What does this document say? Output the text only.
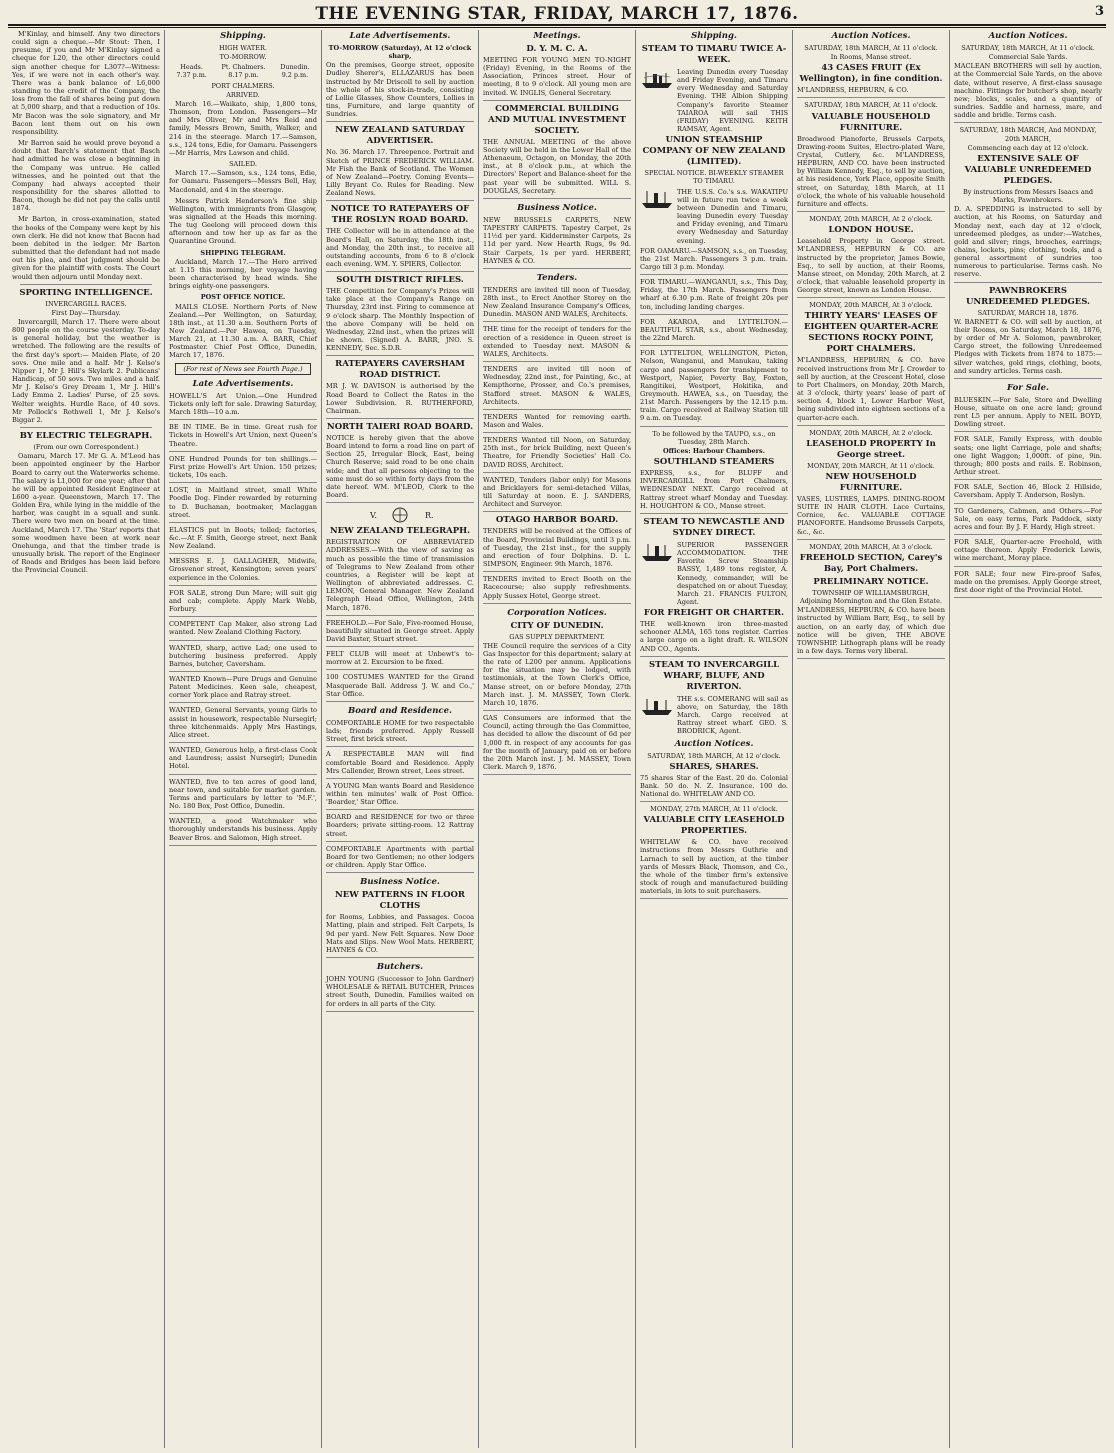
THE EVENING STAR, FRIDAY, MARCH 17, 1876.	3

M'Kinlay, and himself. Any two directors could sign a cheque.—Mr Stout: Then, I presume, if you and Mr M'Kinlay signed a cheque for L20, the other directors could sign another cheque for L307?—Witness: Yes, if we were not in each other's way. There was a bank balance of L6,000 standing to the credit of the Company, the loss from the fall of shares being put down at 5,000 sharp, and that a reduction of 10s. Mr Bacon was the sole signatory, and Mr Bacon lent them out on his own responsibility.

Mr Barron said he would prove beyond a doubt that Barch's statement that Basch had admitted he was close a beginning in the Company was untrue. He called witnesses, and he pointed out that the Company had always accepted their responsibility for the shares allotted to Bacon, though he did not pay the calls until 1874.

Mr Barton, in cross-examination, stated the books of the Company were kept by his own clerk. He did not know that Bacon had been debited in the ledger. Mr Barton submitted that the defendant had not made out his plea, and that judgment should be given for the plaintiff with costs. The Court would then adjourn until Monday next.

SPORTING INTELLIGENCE.
INVERCARGILL RACES.
First Day—Thursday.

Invercargill, March 17. There were about 800 people on the course yesterday. To-day is general holiday, but the weather is wretched. The following are the results of the first day's sport:— Maiden Plate, of 20 sovs. One mile and a half. Mr J. Kelso's Nipper 1, Mr J. Hill's Skylark 2. Publicans' Handicap, of 50 sovs. Two miles and a half. Mr J. Kelso's Grey Dream 1, Mr J. Hill's Lady Emma 2. Ladies' Purse, of 25 sovs. Welter weights. Hurdle Race, of 40 sovs. Mr Pollock's Rothwell 1, Mr J. Kelso's Biggar 2.

BY ELECTRIC TELEGRAPH.
(From our own Correspondent.)

Oamaru, March 17. Mr G. A. M'Leod has been appointed engineer by the Harbor Board to carry out the Waterworks scheme. The salary is L1,000 for one year; after that he will be appointed Resident Engineer at L600 a-year. Queenstown, March 17. The Golden Era, while lying in the middle of the harbor, was caught in a squall and sunk. There were two men on board at the time. Auckland, March 17. The 'Star' reports that some woodmen have been at work near Onehunga, and that the timber trade is unusually brisk. The report of the Engineer of Roads and Bridges has been laid before the Provincial Council.

Shipping.
HIGH WATER.
TO-MORROW.
Heads.
7.37 p.m.
Pt. Chalmers.
8.17 p.m.
Dunedin.
9.2 p.m.
PORT CHALMERS.
ARRIVED.

March 16.—Waikato, ship, 1,800 tons, Thomson, from London. Passengers—Mr and Mrs Oliver, Mr and Mrs Reid and family, Messrs Brown, Smith, Walker, and 214 in the steerage. March 17.—Samson, s.s., 124 tons, Edie, for Oamaru. Passengers—Mr Harris, Mrs Lawson and child.

SAILED.

March 17.—Samson, s.s., 124 tons, Edie, for Oamaru. Passengers—Messrs Bell, Hay, Macdonald, and 4 in the steerage.

Messrs Patrick Henderson's fine ship Wellington, with immigrants from Glasgow, was signalled at the Heads this morning. The tug Geelong will proceed down this afternoon and tow her up as far as the Quarantine Ground.

SHIPPING TELEGRAM.

Auckland, March 17.—The Hero arrived at 1.15 this morning, her voyage having been characterised by head winds. She brings eighty-one passengers.

POST OFFICE NOTICE.

MAILS CLOSE. Northern Ports of New Zealand.—Per Wellington, on Saturday, 18th inst., at 11.30 a.m. Southern Ports of New Zealand.—Per Hawea, on Tuesday, March 21, at 11.30 a.m. A. BARR, Chief Postmaster. Chief Post Office, Dunedin, March 17, 1876.

(For rest of News see Fourth Page.)
Late Advertisements.
HOWELL'S Art Union.—One Hundred Tickets only left for sale. Drawing Saturday, March 18th—10 a.m.
BE IN TIME. Be in time. Great rush for Tickets in Howell's Art Union, next Queen's Theatre.
ONE Hundred Pounds for ten shillings.—First prize Howell's Art Union. 150 prizes; tickets, 10s each.
LOST, in Maitland street, small White Poodle Dog. Finder rewarded by returning to D. Buchanan, bootmaker, Maclaggan street.
ELASTICS put in Boots; tolled; factories, &c.—At F. Smith, George street, next Bank New Zealand.
MESSRS E. J. GALLAGHER, Midwife, Grosvenor street, Kensington; seven years' experience in the Colonies.
FOR SALE, strong Dun Mare; will suit gig and cab; complete. Apply Mark Webb, Forbury.
COMPETENT Cap Maker, also strong Lad wanted. New Zealand Clothing Factory.
WANTED, sharp, active Lad; one used to butchering business preferred. Apply Barnes, butcher, Caversham.
WANTED Known—Pure Drugs and Genuine Patent Medicines. Keen sale, cheapest, corner York place and Ratray street.
WANTED, General Servants, young Girls to assist in housework, respectable Nursegirl; three kitchenmaids. Apply Mrs Hastings, Alice street.
WANTED, Generous help, a first-class Cook and Laundress; assist Nursegirl; Dunedin Hotel.
WANTED, five to ten acres of good land, near town, and suitable for market garden. Terms and particulars by letter to 'M.F.', No. 180 Box, Post Office, Dunedin.
WANTED, a good Watchmaker who thoroughly understands his business. Apply Beaver Bros. and Salomon, High street.
Late Advertisements.
TO-MORROW (Saturday), At 12 o'clock sharp,
On the premises, George street, opposite Dudley Sherer's, ELLAZARUS has been instructed by Mr Driscoll to sell by auction the whole of his stock-in-trade, consisting of Lollie Glasses, Show Counters, Lollies in tins, Furniture, and large quantity of Sundries.
NEW ZEALAND SATURDAY ADVERTISER.
No. 36. March 17. Threepence. Portrait and Sketch of PRINCE FREDERICK WILLIAM. Mr Fish the Bank of Scotland. The Women of New Zealand—Poetry. Coming Events—Lilly Bryant Co. Rules for Reading. New Zealand News.
NOTICE TO RATEPAYERS OF THE ROSLYN ROAD BOARD.
THE Collector will be in attendance at the Board's Hall, on Saturday, the 18th inst., and Monday, the 20th inst., to receive all outstanding accounts, from 6 to 8 o'clock each evening. WM. Y. SPIERS, Collector.
SOUTH DISTRICT RIFLES.
THE Competition for Company's Prizes will take place at the Company's Range on Thursday, 23rd inst. Firing to commence at 9 o'clock sharp. The Monthly Inspection of the above Company will be held on Wednesday, 22nd inst., when the prizes will be shown. (Signed) A. BARR, JNO. S. KENNEDY, Sec. S.D.R.
RATEPAYERS CAVERSHAM ROAD DISTRICT.
MR J. W. DAVISON is authorised by the Road Board to Collect the Rates in the Lower Subdivision. R. RUTHERFORD, Chairman.
NORTH TAIERI ROAD BOARD.
NOTICE is hereby given that the above Board intend to form a road line on part of Section 25, Irregular Block, East, being Church Reserve; said road to be one chain wide; and that all persons objecting to the same must do so within forty days from the date hereof. WM. M'LEOD, Clerk to the Board.
V.	R.
NEW ZEALAND TELEGRAPH.
REGISTRATION OF ABBREVIATED ADDRESSES.—With the view of saving as much as possible the time of transmission of Telegrams to New Zealand from other countries, a Register will be kept at Wellington of abbreviated addresses. C. LEMON, General Manager. New Zealand Telegraph Head Office, Wellington, 24th March, 1876.
FREEHOLD.—For Sale, Five-roomed House, beautifully situated in George street. Apply David Baxter, Stuart street.
FELT CLUB will meet at Unbewt's to-morrow at 2. Excursion to be fixed.
100 COSTUMES WANTED for the Grand Masquerade Ball. Address 'J. W. and Co.,' Star Office.
Board and Residence.
COMFORTABLE HOME for two respectable lads; friends preferred. Apply Russell Street, first brick street.
A RESPECTABLE MAN will find comfortable Board and Residence. Apply Mrs Callender, Brown street, Lees street.
A YOUNG Man wants Board and Residence within ten minutes' walk of Post Office. 'Boarder,' Star Office.
BOARD and RESIDENCE for two or three Boarders; private sitting-room. 12 Rattray street.
COMFORTABLE Apartments with partial Board for two Gentlemen; no other lodgers or children. Apply Star Office.
Business Notice.
NEW PATTERNS IN FLOOR CLOTHS
for Rooms, Lobbies, and Passages. Cocoa Matting, plain and striped. Felt Carpets, Is 9d per yard. New Felt Squares. New Door Mats and Slips. New Wool Mats. HERBERT, HAYNES & CO.
Butchers.
JOHN YOUNG (Successor to John Gardner) WHOLESALE & RETAIL BUTCHER, Princes street South, Dunedin. Families waited on for orders in all parts of the City.
Meetings.
D. Y. M. C. A.
MEETING FOR YOUNG MEN TO-NIGHT (Friday) Evening, in the Rooms of the Association, Princes street. Hour of meeting, 8 to 9 o'clock. All young men are invited. W. INGLIS, General Secretary.
COMMERCIAL BUILDING AND MUTUAL INVESTMENT SOCIETY.
THE ANNUAL MEETING of the above Society will be held in the Lower Hall of the Athenaeum, Octagon, on Monday, the 20th inst., at 8 o'clock p.m., at which the Directors' Report and Balance-sheet for the past year will be submitted. WILL S. DOUGLAS, Secretary.
Business Notice.
NEW BRUSSELS CARPETS, NEW TAPESTRY CARPETS. Tapestry Carpet, 2s 11½d per yard. Kidderminster Carpets, 2s 11d per yard. New Hearth Rugs, 9s 9d. Stair Carpets, 1s per yard. HERBERT, HAYNES & CO.
Tenders.
TENDERS are invited till noon of Tuesday, 28th inst., to Erect Another Storey on the New Zealand Insurance Company's Offices, Dunedin. MASON AND WALES, Architects.
THE time for the receipt of tenders for the erection of a residence in Queen street is extended to Tuesday next. MASON & WALES, Architects.
TENDERS are invited till noon of Wednesday, 22nd inst., for Painting, &c., at Kempthorne, Prosser, and Co.'s premises, Stafford street. MASON & WALES, Architects.
TENDERS Wanted for removing earth. Mason and Wales.
TENDERS Wanted till Noon, on Saturday, 25th inst., for brick Building, next Queen's Theatre, for Friendly Societies' Hall Co. DAVID ROSS, Architect.
WANTED, Tenders (labor only) for Masons and Bricklayers for semi-detached Villas, till Saturday at noon. E. J. SANDERS, Architect and Surveyor.
OTAGO HARBOR BOARD.
TENDERS will be received at the Offices of the Board, Provincial Buildings, until 3 p.m. of Tuesday, the 21st inst., for the supply and erection of four Dolphins. D. L. SIMPSON, Engineer. 9th March, 1876.
TENDERS invited to Erect Booth on the Racecourse; also supply refreshments. Apply Sussex Hotel, George street.
Corporation Notices.
CITY OF DUNEDIN.
GAS SUPPLY DEPARTMENT.
THE Council require the services of a City Gas Inspector for this department; salary at the rate of L200 per annum. Applications for the situation may be lodged, with testimonials, at the Town Clerk's Office, Manse street, on or before Monday, 27th March inst. J. M. MASSEY, Town Clerk. March 10, 1876.
GAS Consumers are informed that the Council, acting through the Gas Committee, has decided to allow the discount of 6d per 1,000 ft. in respect of any accounts for gas for the month of January, paid on or before the 20th March inst. J. M. MASSEY, Town Clerk. March 9, 1876.
Shipping.
STEAM TO TIMARU TWICE A-WEEK.
Leaving Dunedin every Tuesday and Friday Evening, and Timaru every Wednesday and Saturday Evening. THE Albion Shipping Company's favorite Steamer TAIAROA will sail THIS (FRIDAY) EVENING. KEITH RAMSAY, Agent.
UNION STEAMSHIP COMPANY OF NEW ZEALAND (LIMITED).
SPECIAL NOTICE. BI-WEEKLY STEAMER TO TIMARU.
THE U.S.S. Co.'s s.s. WAKATIPU will in future run twice a week between Dunedin and Timaru, leaving Dunedin every Tuesday and Friday evening, and Timaru every Wednesday and Saturday evening.
FOR OAMARU.—SAMSON, s.s., on Tuesday, the 21st March. Passengers 3 p.m. train. Cargo till 3 p.m. Monday.
FOR TIMARU.—WANGANUI, s.s., This Day, Friday, the 17th March. Passengers from wharf at 6.30 p.m. Rate of freight 20s per ton, including landing charges.
FOR AKAROA, and LYTTELTON.—BEAUTIFUL STAR, s.s., about Wednesday, the 22nd March.
FOR LYTTELTON, WELLINGTON, Picton, Nelson, Wanganui, and Manukau, taking cargo and passengers for transhipment to Westport, Napier, Poverty Bay, Foxton, Rangitikei, Westport, Hokitika, and Greymouth. HAWEA, s.s., on Tuesday, the 21st March. Passengers by the 12.15 p.m. train. Cargo received at Railway Station till 9 a.m. on Tuesday.
To be followed by the TAUPO, s.s., on Tuesday, 28th March.
Offices: Harbour Chambers.
SOUTHLAND STEAMERS
EXPRESS, s.s., for BLUFF and INVERCARGILL from Port Chalmers, WEDNESDAY NEXT. Cargo received at Rattray street wharf Monday and Tuesday. H. HOUGHTON & CO., Manse street.
STEAM TO NEWCASTLE AND SYDNEY DIRECT.
SUPERIOR PASSENGER ACCOMMODATION. THE Favorite Screw Steamship BASSY, 1,489 tons register, A. Kennedy, commander, will be despatched on or about Tuesday, March 21. FRANCIS FULTON, Agent.
FOR FREIGHT OR CHARTER.
THE well-known iron three-masted schooner ALMA, 165 tons register. Carries a large cargo on a light draft. R. WILSON AND CO., Agents.
STEAM TO INVERCARGILL WHARF, BLUFF, AND RIVERTON.
THE s.s. COMERANG will sail as above, on Saturday, the 18th March. Cargo received at Rattray street wharf. GEO. S. BRODRICK, Agent.
Auction Notices.
SATURDAY, 18th MARCH, At 12 o'clock.
SHARES, SHARES.
75 shares Star of the East. 20 do. Colonial Bank. 50 do. N. Z. Insurance. 100 do. National do. WHITELAW AND CO.
MONDAY, 27th MARCH, At 11 o'clock.
VALUABLE CITY LEASEHOLD PROPERTIES.
WHITELAW & CO. have received instructions from Messrs Guthrie and Larnach to sell by auction, at the timber yards of Messrs Black, Thomson, and Co., the whole of the timber firm's extensive stock of rough and manufactured building materials, in lots to suit purchasers.
Auction Notices.
SATURDAY, 18th MARCH, At 11 o'clock.
In Rooms, Manse street.
43 CASES FRUIT (Ex Wellington), in fine condition.
M'LANDRESS, HEPBURN, & CO.
SATURDAY, 18th MARCH, At 11 o'clock.
VALUABLE HOUSEHOLD FURNITURE.
Broadwood Pianoforte, Brussels Carpets, Drawing-room Suites, Electro-plated Ware, Crystal, Cutlery, &c. M'LANDRESS, HEPBURN, AND CO. have been instructed by William Kennedy, Esq., to sell by auction, at his residence, York Place, opposite Smith street, on Saturday, 18th March, at 11 o'clock, the whole of his valuable household furniture and effects.
MONDAY, 20th MARCH, At 2 o'clock.
LONDON HOUSE.
Leasehold Property in George street. M'LANDRESS, HEPBURN & CO. are instructed by the proprietor, James Bowie, Esq., to sell by auction, at their Rooms, Manse street, on Monday, 20th March, at 2 o'clock, that valuable leasehold property in George street, known as London House.
MONDAY, 20th MARCH, At 3 o'clock.
THIRTY YEARS' LEASES OF EIGHTEEN QUARTER-ACRE SECTIONS ROCKY POINT, PORT CHALMERS.
M'LANDRESS, HEPBURN, & CO. have received instructions from Mr J. Crowder to sell by auction, at the Crescent Hotel, close to Port Chalmers, on Monday, 20th March, at 3 o'clock, thirty years' lease of part of section 4, block 1, Lower Harbor West, being subdivided into eighteen sections of a quarter-acre each.
MONDAY, 20th MARCH, At 2 o'clock.
LEASEHOLD PROPERTY In George street.
MONDAY, 20th MARCH, At 11 o'clock.
NEW HOUSEHOLD FURNITURE.
VASES, LUSTRES, LAMPS. DINING-ROOM SUITE IN HAIR CLOTH. Lace Curtains, Cornice, &c. VALUABLE COTTAGE PIANOFORTE. Handsome Brussels Carpets, &c., &c.
MONDAY, 20th MARCH, At 3 o'clock.
FREEHOLD SECTION, Carey's Bay, Port Chalmers.
PRELIMINARY NOTICE.
TOWNSHIP OF WILLIAMSBURGH, Adjoining Mornington and the Glen Estate.
M'LANDRESS, HEPBURN, & CO. have been instructed by William Barr, Esq., to sell by auction, on an early day, of which due notice will be given, THE ABOVE TOWNSHIP. Lithograph plans will be ready in a few days. Terms very liberal.
Auction Notices.
SATURDAY, 18th MARCH, At 11 o'clock.
Commercial Sale Yards.
MACLEAN BROTHERS will sell by auction, at the Commercial Sale Yards, on the above date, without reserve, A first-class sausage machine. Fittings for butcher's shop, nearly new; blocks, scales, and a quantity of sundries. Saddle and harness, mare, and saddle and bridle. Terms cash.
SATURDAY, 18th MARCH, And MONDAY, 20th MARCH,
Commencing each day at 12 o'clock.
EXTENSIVE SALE OF VALUABLE UNREDEEMED PLEDGES.
By instructions from Messrs Isaacs and Marks, Pawnbrokers.
D. A. SPEDDING is instructed to sell by auction, at his Rooms, on Saturday and Monday next, each day at 12 o'clock, unredeemed pledges, as under:—Watches, gold and silver; rings, brooches, earrings; chains, lockets, pins; clothing, tools, and a general assortment of sundries too numerous to particularise. Terms cash. No reserve.
PAWNBROKERS UNREDEEMED PLEDGES.
SATURDAY, MARCH 18, 1876.
W. BARNETT & CO. will sell by auction, at their Rooms, on Saturday, March 18, 1876, by order of Mr A. Solomon, pawnbroker, Cargo street, the following Unredeemed Pledges with Tickets from 1874 to 1875:—silver watches, gold rings, clothing, boots, and sundry articles. Terms cash.
For Sale.
BLUESKIN.—For Sale, Store and Dwelling House, situate on one acre land; ground rent L5 per annum. Apply to NEIL BOYD, Dowling street.
FOR SALE, Family Express, with double seats; one light Carriage, pole and shafts; one light Waggon; 1,000ft. of pine, 9in. through; 800 posts and rails. E. Robinson, Arthur street.
FOR SALE, Section 46, Block 2 Hillside, Caversham. Apply T. Anderson, Roslyn.
TO Gardeners, Cabmen, and Others.—For Sale, on easy terms, Park Paddock, sixty acres and four. By J. F. Hardy, High street.
FOR SALE, Quarter-acre Freehold, with cottage thereon. Apply Frederick Lewis, wine merchant, Moray place.
FOR SALE; four new Fire-proof Safes, made on the premises. Apply George street, first door right of the Provincial Hotel.
